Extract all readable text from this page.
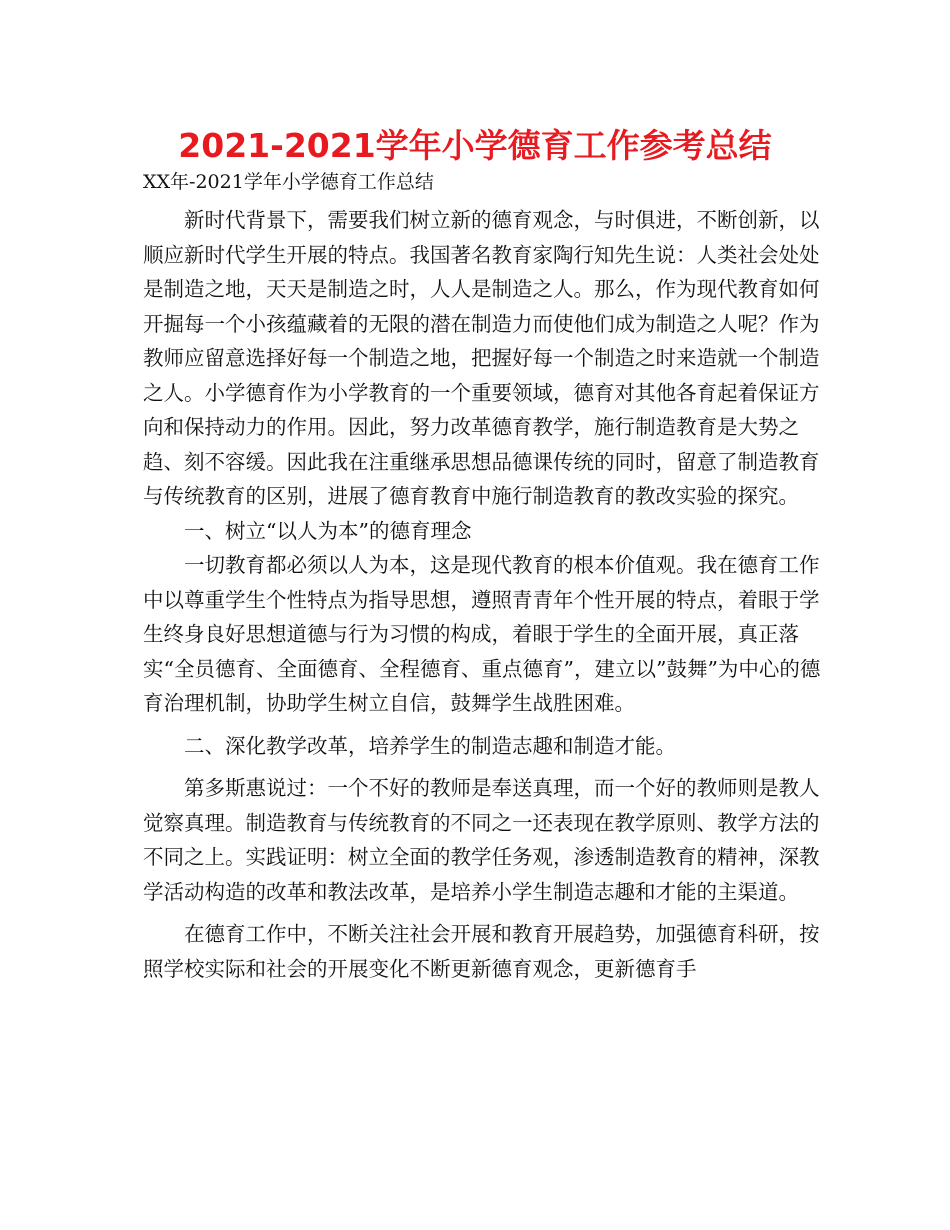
2021-2021学年小学德育工作参考总结
XX年-2021学年小学德育工作总结

新时代背景下，需要我们树立新的德育观念，与时俱进，不断创新，以顺应新时代学生开展的特点。我国著名教育家陶行知先生说：人类社会处处是制造之地，天天是制造之时，人人是制造之人。那么，作为现代教育如何开掘每一个小孩蕴藏着的无限的潜在制造力而使他们成为制造之人呢？作为教师应留意选择好每一个制造之地，把握好每一个制造之时来造就一个制造之人。小学德育作为小学教育的一个重要领域，德育对其他各育起着保证方向和保持动力的作用。因此，努力改革德育教学，施行制造教育是大势之趋、刻不容缓。因此我在注重继承思想品德课传统的同时，留意了制造教育与传统教育的区别，进展了德育教育中施行制造教育的教改实验的探究。

一、树立“以人为本”的德育理念

一切教育都必须以人为本，这是现代教育的根本价值观。我在德育工作中以尊重学生个性特点为指导思想，遵照青青年个性开展的特点，着眼于学生终身良好思想道德与行为习惯的构成，着眼于学生的全面开展，真正落实“全员德育、全面德育、全程德育、重点德育”，建立以”鼓舞”为中心的德育治理机制，协助学生树立自信，鼓舞学生战胜困难。

二、深化教学改革，培养学生的制造志趣和制造才能。

第多斯惠说过：一个不好的教师是奉送真理，而一个好的教师则是教人觉察真理。制造教育与传统教育的不同之一还表现在教学原则、教学方法的不同之上。实践证明：树立全面的教学任务观，渗透制造教育的精神，深教学活动构造的改革和教法改革，是培养小学生制造志趣和才能的主渠道。

在德育工作中，不断关注社会开展和教育开展趋势，加强德育科研，按照学校实际和社会的开展变化不断更新德育观念，更新德育手
